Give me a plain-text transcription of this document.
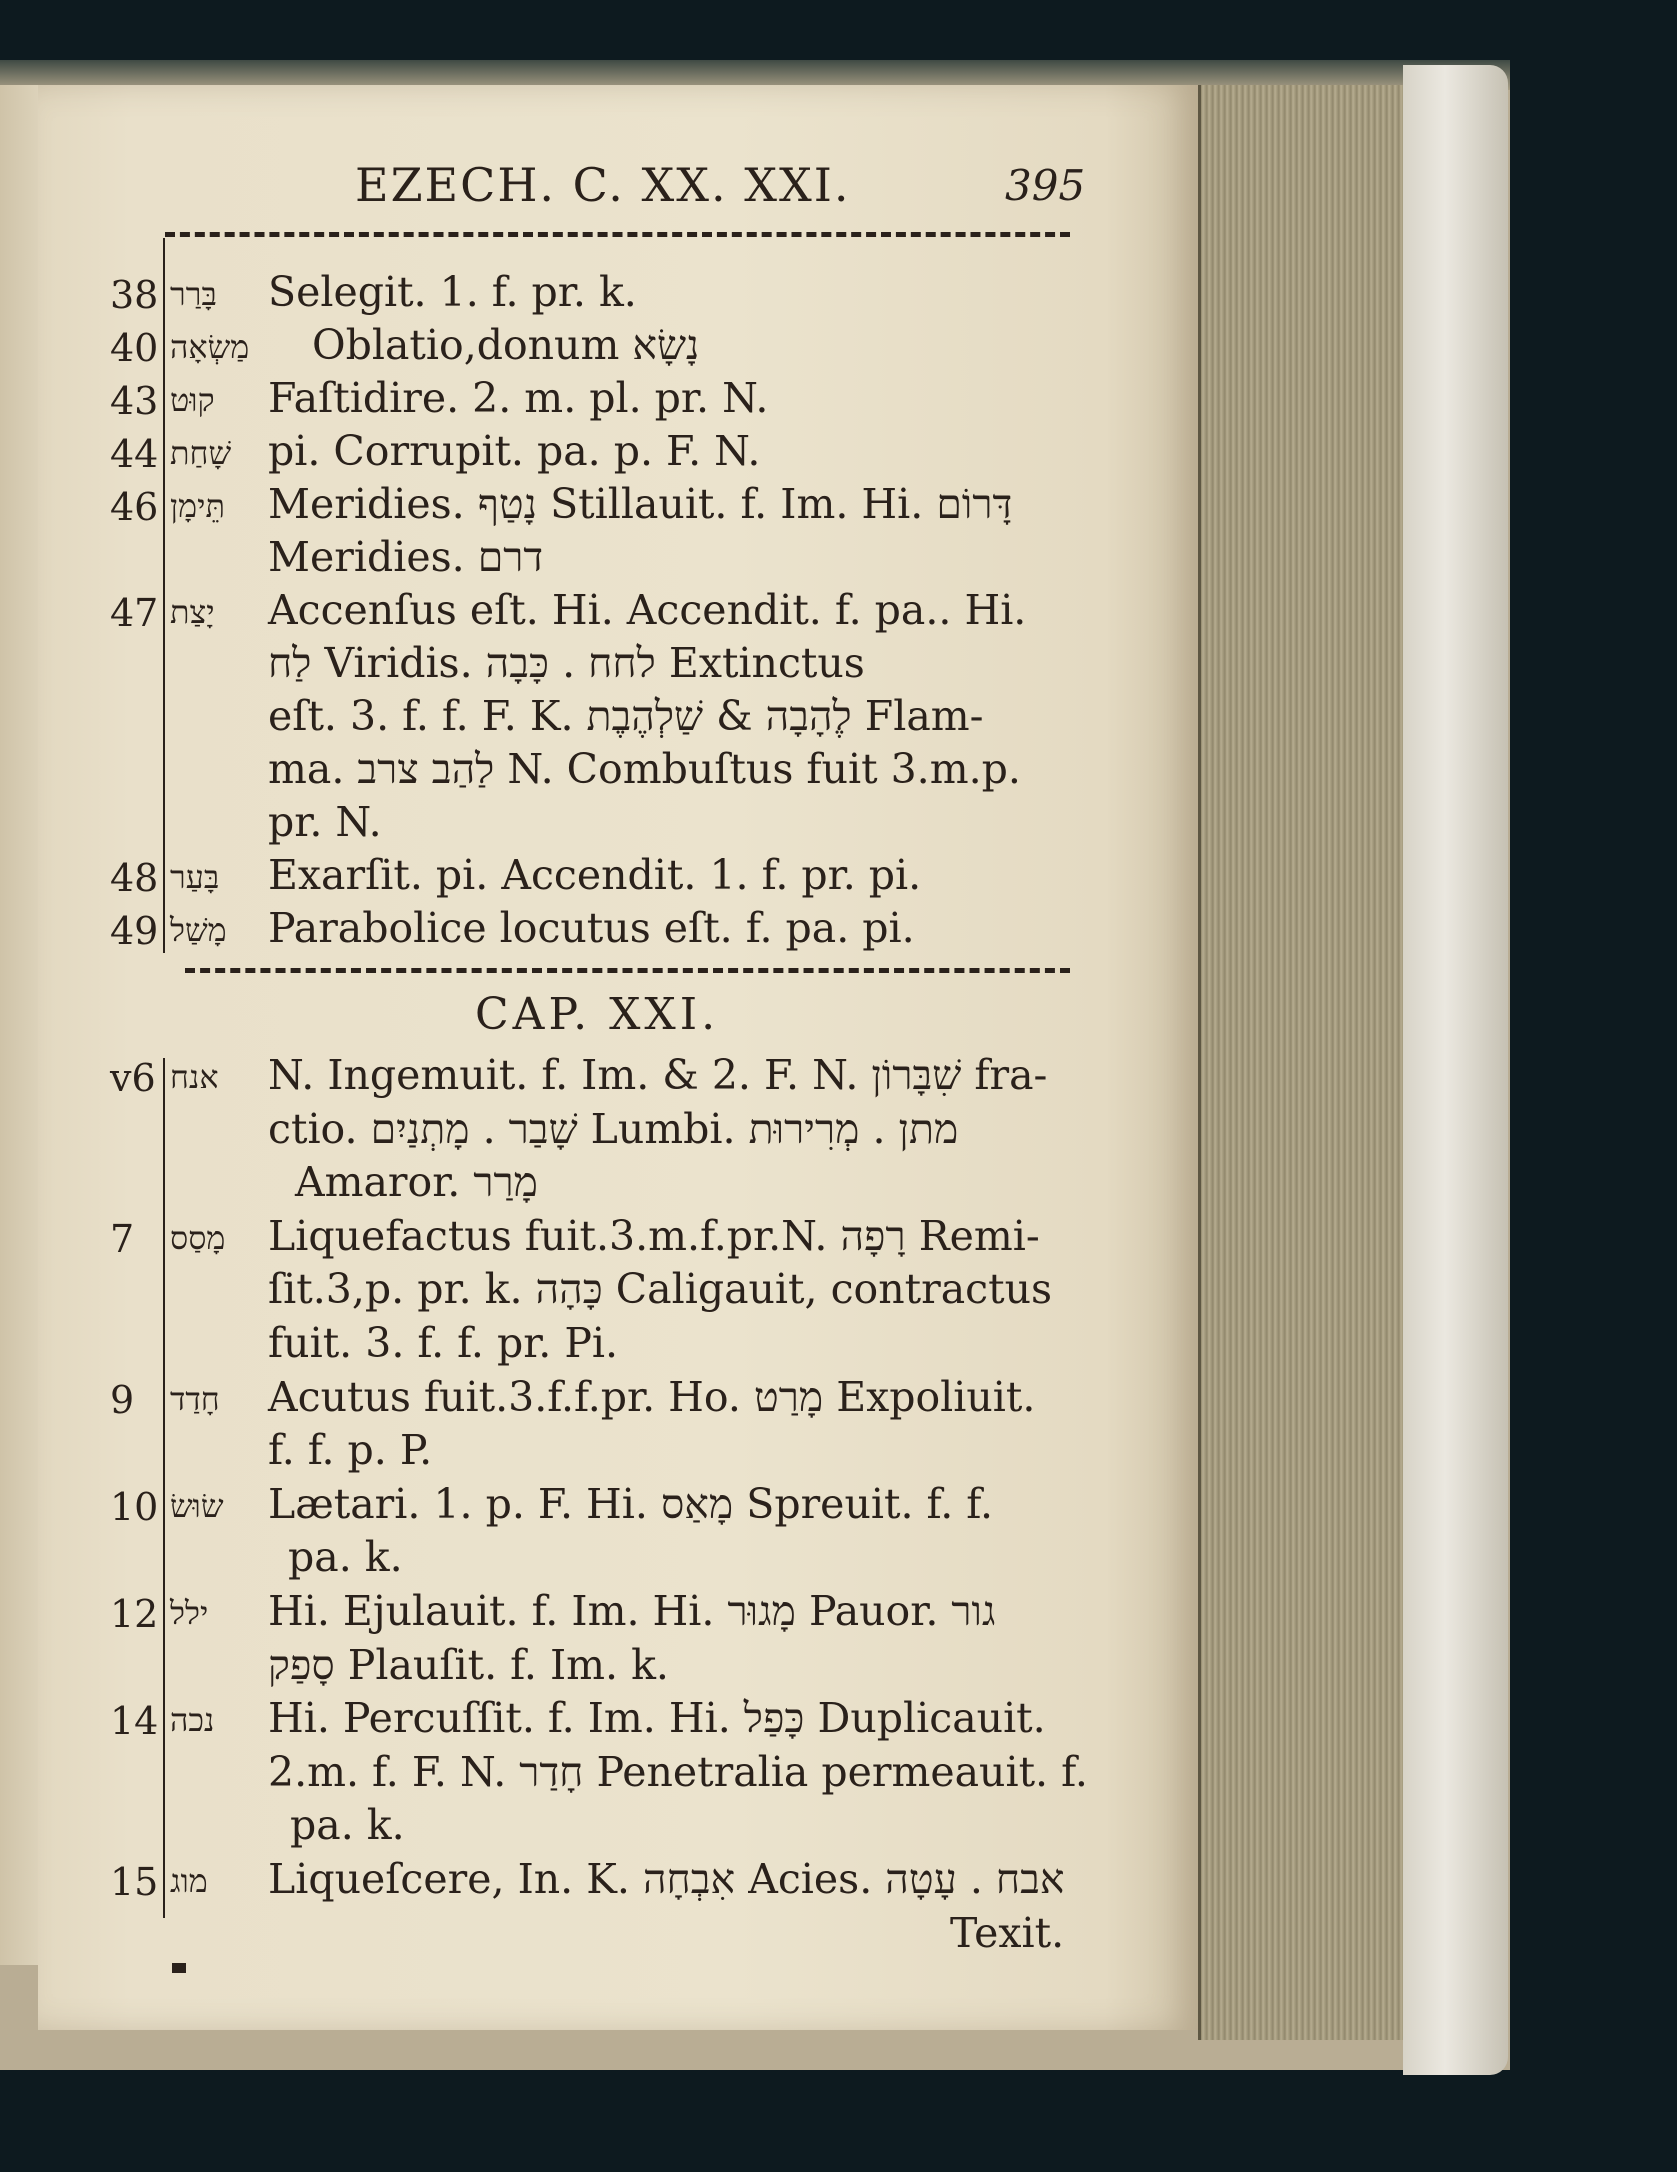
EZECH. C. XX. XXI.	395
38 בָּרַר Selegit. 1. f. pr. k.
40 מַשְׂאָה Oblatio,donum נָשָׂא
43 קוּט Faſtidire. 2. m. pl. pr. N.
44 שָׁחַת pi. Corrupit. pa. p. F. N.
46 תֵּימָן Meridies. נָטַף Stillauit. f. Im. Hi. דָּרוֹם
Meridies. דרם
47 יָצַת Accenſus eſt. Hi. Accendit. f. pa.. Hi.
לַח Viridis. לחח . כָּבָה Extinctus
eſt. 3. f. f. F. K. לֶהָבָה & שַׁלְהֶבֶת Flam-
ma. לַהַב צרב N. Combuſtus fuit 3.m.p.
pr. N.
48 בָּעַר Exarſit. pi. Accendit. 1. f. pr. pi.
49 מָשַׁל Parabolice locutus eſt. f. pa. pi.
CAP. XXI.
v6 אנח N. Ingemuit. f. Im. & 2. F. N. שִׁבָּרוֹן fra-
ctio. שָׁבַר . מָתְנַיִם Lumbi. מתן . מְרִירוּת
Amaror. מָרַר
7 מָסַס Liquefactus fuit.3.m.f.pr.N. רָפָה Remi-
ſit.3,p. pr. k. כָּהָה Caligauit, contractus
fuit. 3. f. f. pr. Pi.
9 חָדַד Acutus fuit.3.f.f.pr. Ho. מָרַט Expoliuit.
f. f. p. P.
10 שׂוּשׂ Lætari. 1. p. F. Hi. מָאַס Spreuit. f. f.
pa. k.
12 ילל Hi. Ejulauit. f. Im. Hi. מָגוּר Pauor. גור
סָפַק Plauſit. f. Im. k.
14 נכה Hi. Percuſſit. f. Im. Hi. כָּפַל Duplicauit.
2.m. f. F. N. חָדַר Penetralia permeauit. f.
pa. k.
15 מוג Liqueſcere, In. K. אִבְחָה Acies. אבח . עָטָה
Texit.
